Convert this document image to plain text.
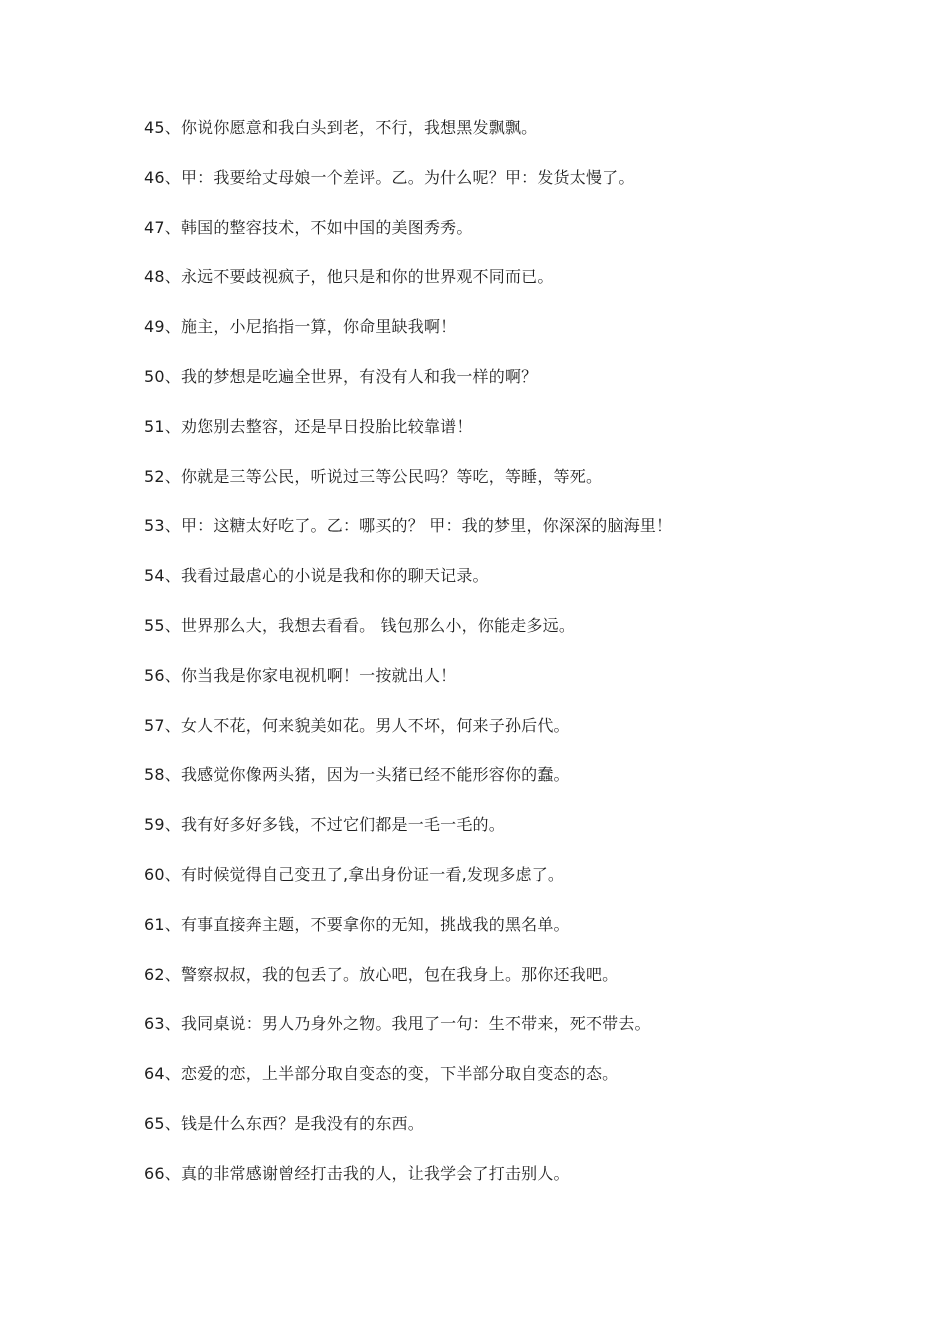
45、你说你愿意和我白头到老，不行，我想黑发飘飘。
46、甲：我要给丈母娘一个差评。乙。为什么呢？甲：发货太慢了。
47、韩国的整容技术，不如中国的美图秀秀。
48、永远不要歧视疯子，他只是和你的世界观不同而已。
49、施主，小尼掐指一算，你命里缺我啊！
50、我的梦想是吃遍全世界，有没有人和我一样的啊？
51、劝您别去整容，还是早日投胎比较靠谱！
52、你就是三等公民，听说过三等公民吗？等吃，等睡，等死。
53、甲：这糖太好吃了。乙：哪买的？ 甲：我的梦里，你深深的脑海里！
54、我看过最虐心的小说是我和你的聊天记录。
55、世界那么大，我想去看看。 钱包那么小，你能走多远。
56、你当我是你家电视机啊！一按就出人！
57、女人不花，何来貌美如花。男人不坏，何来子孙后代。
58、我感觉你像两头猪，因为一头猪已经不能形容你的蠢。
59、我有好多好多钱，不过它们都是一毛一毛的。
60、有时候觉得自己变丑了,拿出身份证一看,发现多虑了。
61、有事直接奔主题，不要拿你的无知，挑战我的黑名单。
62、警察叔叔，我的包丢了。放心吧，包在我身上。那你还我吧。
63、我同桌说：男人乃身外之物。我甩了一句：生不带来，死不带去。
64、恋爱的恋，上半部分取自变态的变，下半部分取自变态的态。
65、钱是什么东西？是我没有的东西。
66、真的非常感谢曾经打击我的人，让我学会了打击别人。
